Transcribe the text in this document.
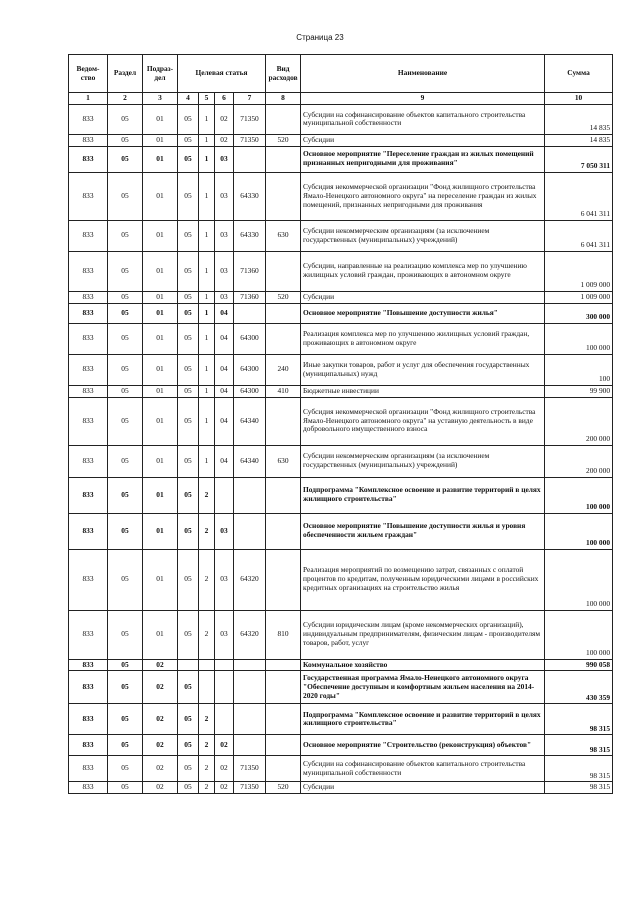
Страница 23
Ведом-ство	Раздел	Подраз-дел	Целевая статья				Вид расходов	Наименование	Сумма
1	2	3	4	5	6	7	8	9	10
833	05	01	05	1	02	71350		Субсидии на софинансирование объектов капитального строительства муниципальной собственности	14 835
833	05	01	05	1	02	71350	520	Субсидии	14 835
833	05	01	05	1	03			Основное мероприятие "Переселение граждан из жилых помещений признанных непригодными для проживания"	7 050 311
833	05	01	05	1	03	64330		Субсидия некоммерческой организации "Фонд жилищного строительства Ямало-Ненецкого автономного округа" на переселение граждан из жилых помещений, признанных непригодными для проживания	6 041 311
833	05	01	05	1	03	64330	630	Субсидии некоммерческим организациям (за исключением государственных (муниципальных) учреждений)	6 041 311
833	05	01	05	1	03	71360		Субсидии, направленные на реализацию комплекса мер по улучшению жилищных условий граждан, проживающих в автономном округе	1 009 000
833	05	01	05	1	03	71360	520	Субсидии	1 009 000
833	05	01	05	1	04			Основное мероприятие "Повышение доступности жилья"	300 000
833	05	01	05	1	04	64300		Реализация комплекса мер по улучшению жилищных условий граждан, проживающих в автономном округе	100 000
833	05	01	05	1	04	64300	240	Иные закупки товаров, работ и услуг для обеспечения государственных (муниципальных) нужд	100
833	05	01	05	1	04	64300	410	Бюджетные инвестиции	99 900
833	05	01	05	1	04	64340		Субсидия некоммерческой организации "Фонд жилищного строительства Ямало-Ненецкого автономного округа" на уставную деятельность в виде добровольного имущественного взноса	200 000
833	05	01	05	1	04	64340	630	Субсидии некоммерческим организациям (за исключением государственных (муниципальных) учреждений)	200 000
833	05	01	05	2				Подпрограмма "Комплексное освоение и развитие территорий в целях жилищного строительства"	100 000
833	05	01	05	2	03			Основное мероприятие "Повышение доступности жилья и уровня обеспеченности жильем граждан"	100 000
833	05	01	05	2	03	64320		Реализация мероприятий по возмещению затрат, связанных с оплатой процентов по кредитам, полученным юридическими лицами в российских кредитных организациях на строительство жилья	100 000
833	05	01	05	2	03	64320	810	Субсидии юридическим лицам (кроме некоммерческих организаций), индивидуальным предпринимателям, физическим лицам - производителям товаров, работ, услуг	100 000
833	05	02						Коммунальное хозяйство	990 058
833	05	02	05					Государственная программа Ямало-Ненецкого автономного округа "Обеспечение доступным и комфортным жильем населения на 2014-2020 годы"	430 359
833	05	02	05	2				Подпрограмма "Комплексное освоение и развитие территорий в целях жилищного строительства"	98 315
833	05	02	05	2	02			Основное мероприятие "Строительство (реконструкция) объектов"	98 315
833	05	02	05	2	02	71350		Субсидии на софинансирование объектов капитального строительства муниципальной собственности	98 315
833	05	02	05	2	02	71350	520	Субсидии	98 315
